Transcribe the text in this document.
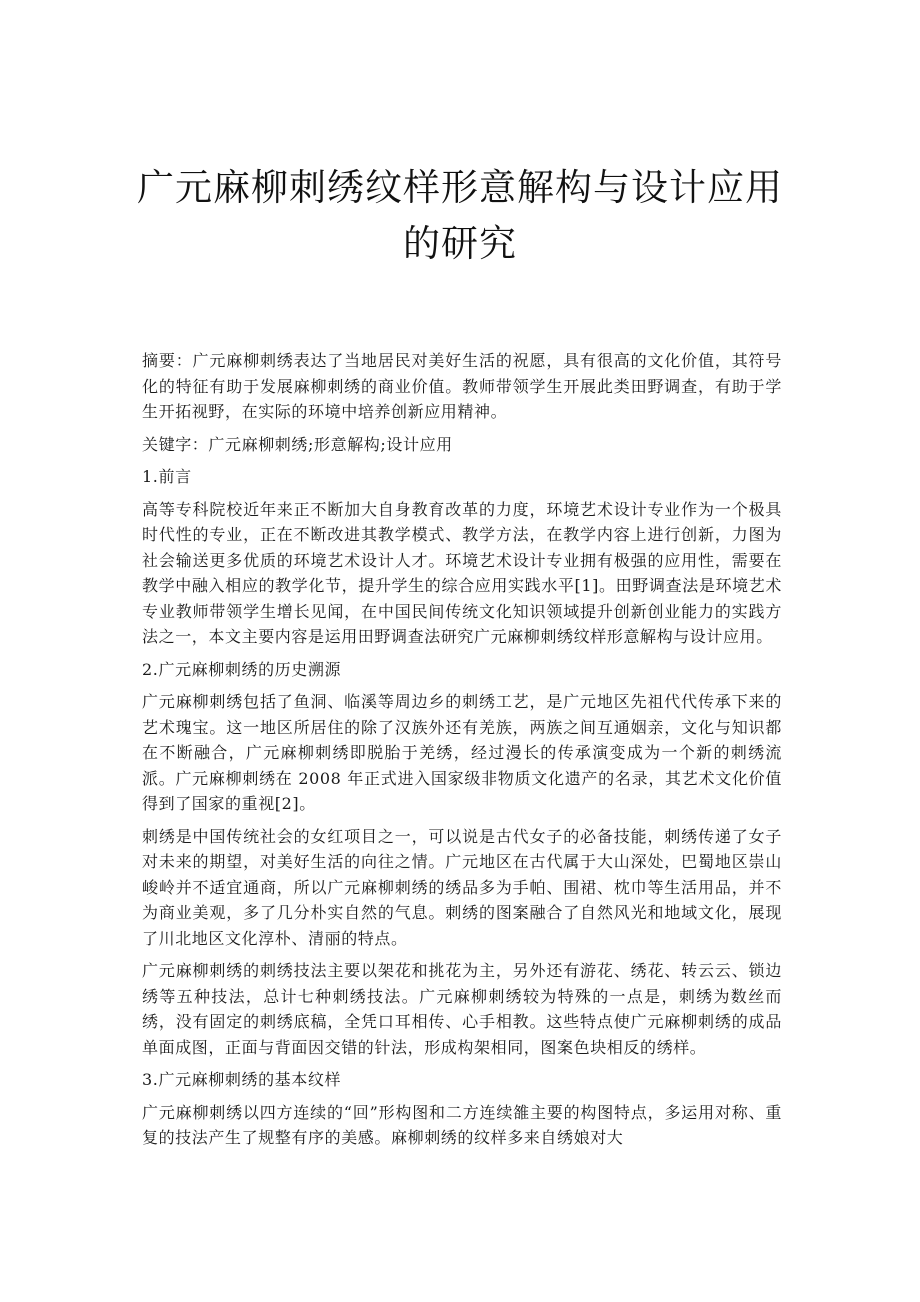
广元麻柳刺绣纹样形意解构与设计应用
的研究

摘要：广元麻柳刺绣表达了当地居民对美好生活的祝愿，具有很高的文化价值，其符号化的特征有助于发展麻柳刺绣的商业价值。教师带领学生开展此类田野调查，有助于学生开拓视野，在实际的环境中培养创新应用精神。

关键字：广元麻柳刺绣;形意解构;设计应用

1.前言

高等专科院校近年来正不断加大自身教育改革的力度，环境艺术设计专业作为一个极具时代性的专业，正在不断改进其教学模式、教学方法，在教学内容上进行创新，力图为社会输送更多优质的环境艺术设计人才。环境艺术设计专业拥有极强的应用性，需要在教学中融入相应的教学化节，提升学生的综合应用实践水平[1]。田野调查法是环境艺术专业教师带领学生增长见闻，在中国民间传统文化知识领域提升创新创业能力的实践方法之一，本文主要内容是运用田野调查法研究广元麻柳刺绣纹样形意解构与设计应用。

2.广元麻柳刺绣的历史溯源

广元麻柳刺绣包括了鱼洞、临溪等周边乡的刺绣工艺，是广元地区先祖代代传承下来的艺术瑰宝。这一地区所居住的除了汉族外还有羌族，两族之间互通姻亲，文化与知识都在不断融合，广元麻柳刺绣即脱胎于羌绣，经过漫长的传承演变成为一个新的刺绣流派。广元麻柳刺绣在 2008 年正式进入国家级非物质文化遗产的名录，其艺术文化价值得到了国家的重视[2]。

刺绣是中国传统社会的女红项目之一，可以说是古代女子的必备技能，刺绣传递了女子对未来的期望，对美好生活的向往之情。广元地区在古代属于大山深处，巴蜀地区崇山峻岭并不适宜通商，所以广元麻柳刺绣的绣品多为手帕、围裙、枕巾等生活用品，并不为商业美观，多了几分朴实自然的气息。刺绣的图案融合了自然风光和地域文化，展现了川北地区文化淳朴、清丽的特点。

广元麻柳刺绣的刺绣技法主要以架花和挑花为主，另外还有游花、绣花、转云云、锁边绣等五种技法，总计七种刺绣技法。广元麻柳刺绣较为特殊的一点是，刺绣为数丝而绣，没有固定的刺绣底稿，全凭口耳相传、心手相教。这些特点使广元麻柳刺绣的成品单面成图，正面与背面因交错的针法，形成构架相同，图案色块相反的绣样。

3.广元麻柳刺绣的基本纹样

广元麻柳刺绣以四方连续的“回”形构图和二方连续雒主要的构图特点，多运用对称、重复的技法产生了规整有序的美感。麻柳刺绣的纹样多来自绣娘对大
